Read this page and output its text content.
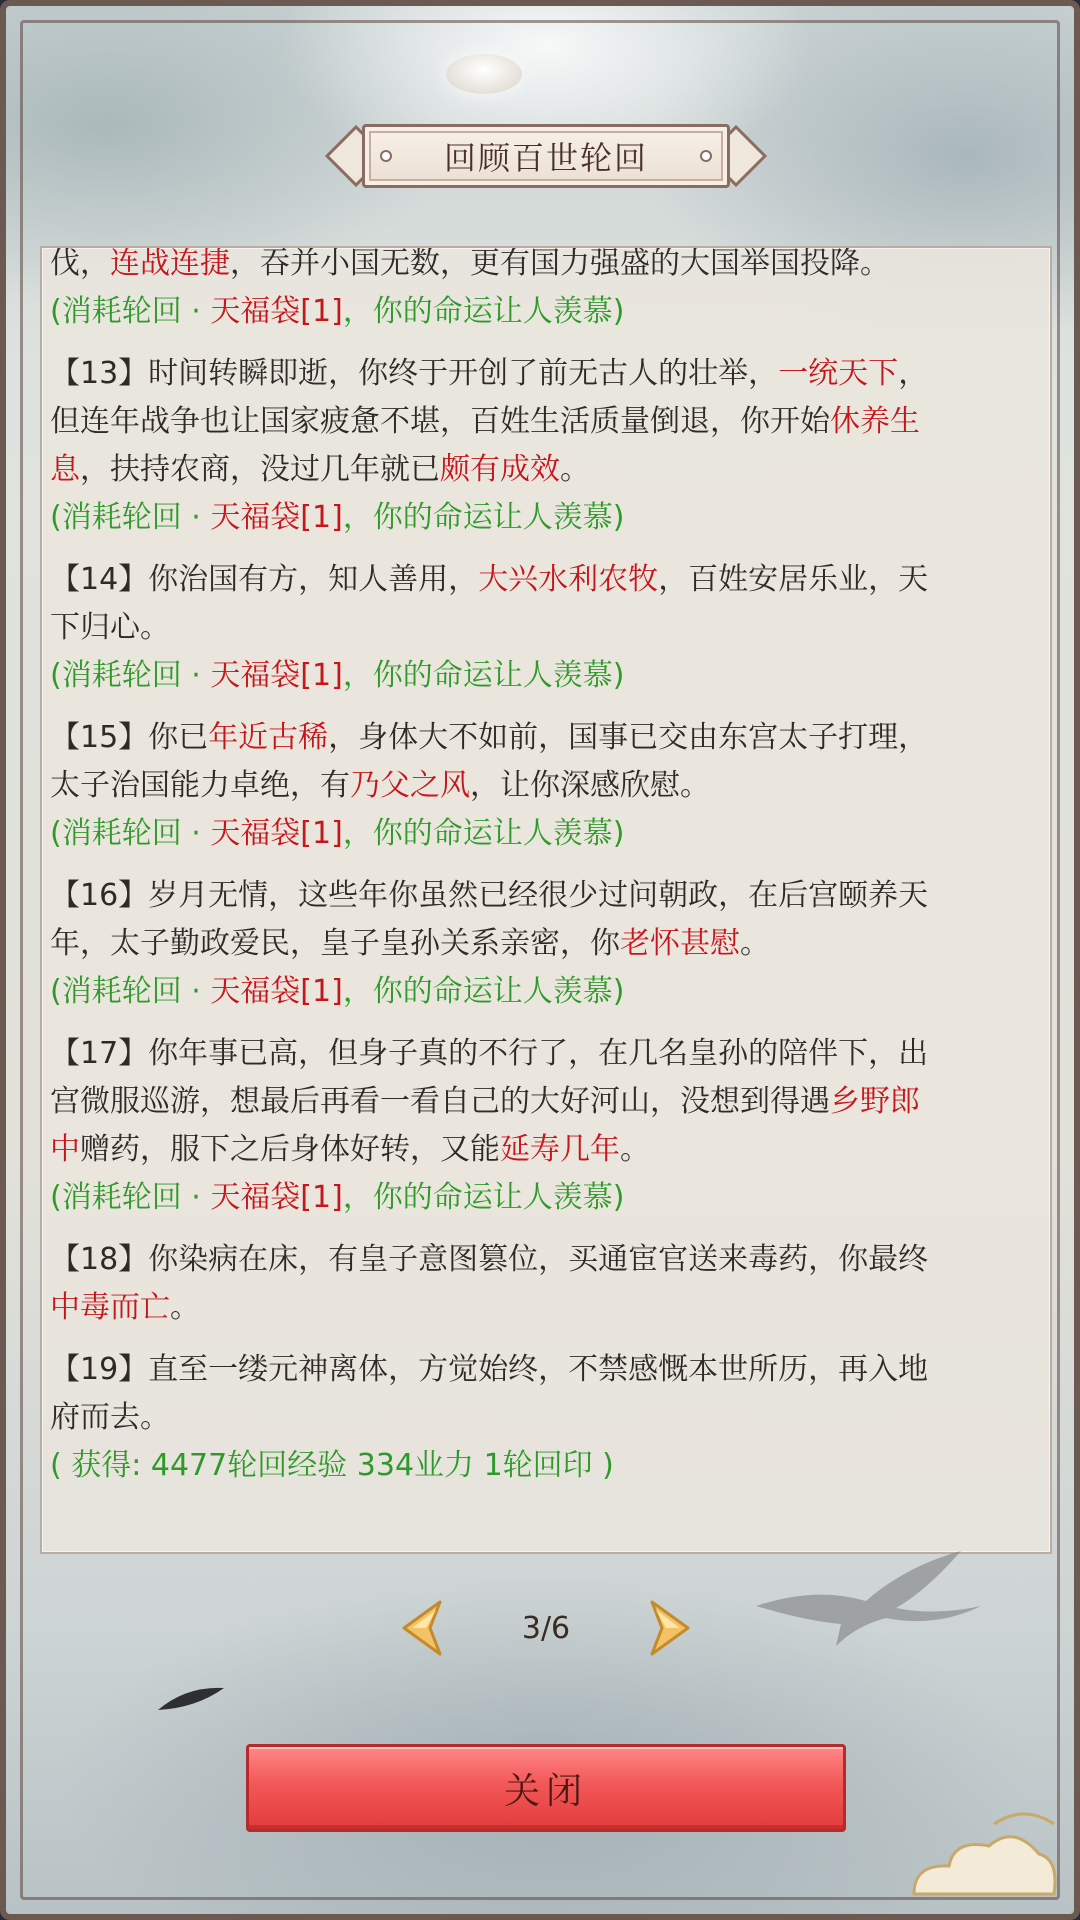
回顾百世轮回
伐，连战连捷，吞并小国无数，更有国力强盛的大国举国投降。
(消耗轮回 · 天福袋[1]，你的命运让人羡慕)
【13】时间转瞬即逝，你终于开创了前无古人的壮举，一统天下，
但连年战争也让国家疲惫不堪，百姓生活质量倒退，你开始休养生
息，扶持农商，没过几年就已颇有成效。
(消耗轮回 · 天福袋[1]，你的命运让人羡慕)
【14】你治国有方，知人善用，大兴水利农牧，百姓安居乐业，天
下归心。
(消耗轮回 · 天福袋[1]，你的命运让人羡慕)
【15】你已年近古稀，身体大不如前，国事已交由东宫太子打理，
太子治国能力卓绝，有乃父之风，让你深感欣慰。
(消耗轮回 · 天福袋[1]，你的命运让人羡慕)
【16】岁月无情，这些年你虽然已经很少过问朝政，在后宫颐养天
年，太子勤政爱民，皇子皇孙关系亲密，你老怀甚慰。
(消耗轮回 · 天福袋[1]，你的命运让人羡慕)
【17】你年事已高，但身子真的不行了，在几名皇孙的陪伴下，出
宫微服巡游，想最后再看一看自己的大好河山，没想到得遇乡野郎
中赠药，服下之后身体好转，又能延寿几年。
(消耗轮回 · 天福袋[1]，你的命运让人羡慕)
【18】你染病在床，有皇子意图篡位，买通宦官送来毒药，你最终
中毒而亡。
【19】直至一缕元神离体，方觉始终，不禁感慨本世所历，再入地
府而去。
( 获得: 4477轮回经验 334业力 1轮回印 )
3/6
关闭
